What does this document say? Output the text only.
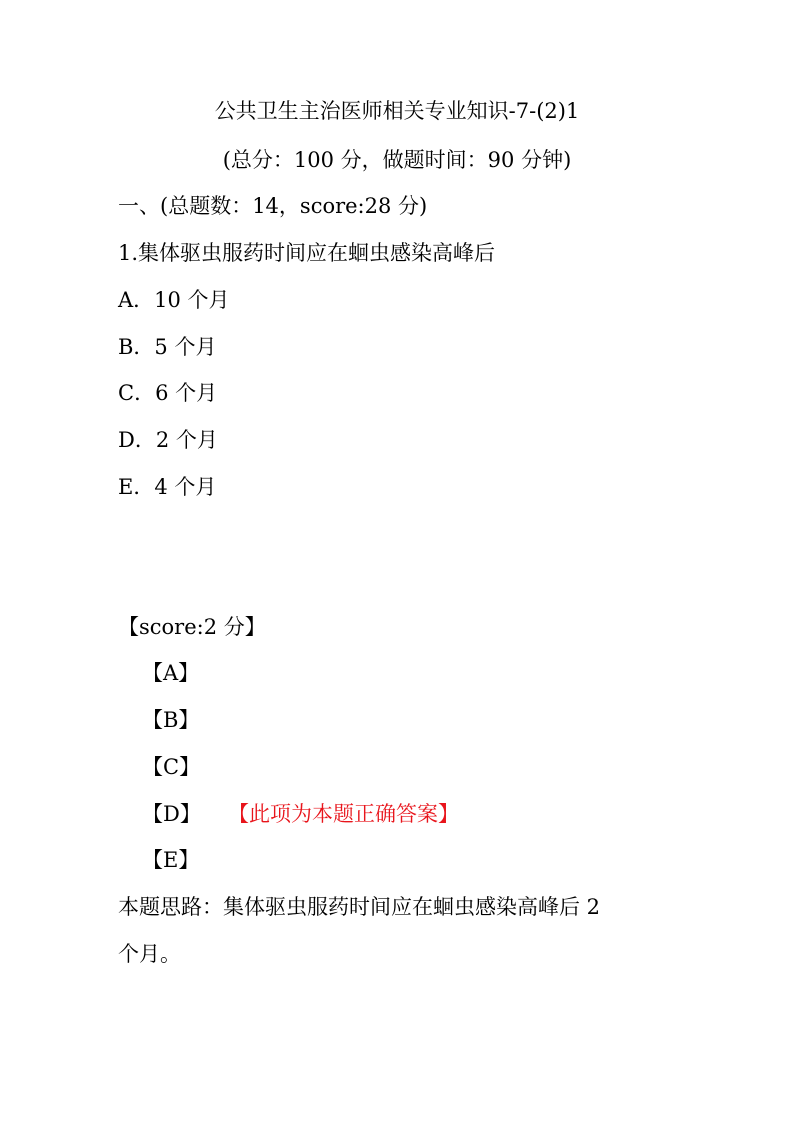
公共卫生主治医师相关专业知识-7-(2)1
(总分：100 分，做题时间：90 分钟)
一、(总题数：14，score:28 分)
1.集体驱虫服药时间应在蛔虫感染高峰后
A．10 个月
B．5 个月
C．6 个月
D．2 个月
E．4 个月
【score:2 分】
【A】
【B】
【C】
【D】 【此项为本题正确答案】
【E】
本题思路：集体驱虫服药时间应在蛔虫感染高峰后 2
个月。
